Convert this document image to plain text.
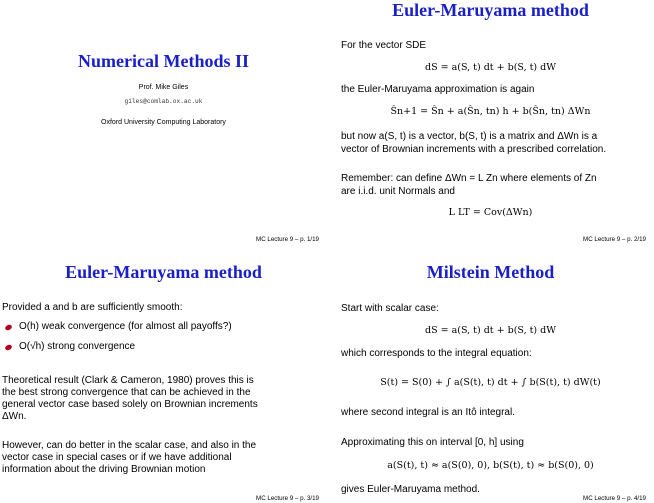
Numerical Methods II
Prof. Mike Giles
giles@comlab.ox.ac.uk
Oxford University Computing Laboratory
MC Lecture 9 – p. 1/19
Euler-Maruyama method
For the vector SDE
dS = a(S, t) dt + b(S, t) dW
the Euler-Maruyama approximation is again
Ŝn+1 = Ŝn + a(Ŝn, tn) h + b(Ŝn, tn) ΔWn
but now a(S, t) is a vector, b(S, t) is a matrix and ΔWn is a
vector of Brownian increments with a prescribed correlation.
Remember: can define ΔWn = L Zn where elements of Zn
are i.i.d. unit Normals and
L LT = Cov(ΔWn)
MC Lecture 9 – p. 2/19
Euler-Maruyama method
Provided a and b are sufficiently smooth:
O(h) weak convergence (for almost all payoffs?)
O(√h) strong convergence
Theoretical result (Clark & Cameron, 1980) proves this is
the best strong convergence that can be achieved in the
general vector case based solely on Brownian increments
ΔWn.
However, can do better in the scalar case, and also in the
vector case in special cases or if we have additional
information about the driving Brownian motion
MC Lecture 9 – p. 3/19
Milstein Method
Start with scalar case:
dS = a(S, t) dt + b(S, t) dW
which corresponds to the integral equation:
S(t) = S(0) + ∫ a(S(t), t) dt + ∫ b(S(t), t) dW(t)
where second integral is an Itô integral.
Approximating this on interval [0, h] using
a(S(t), t) ≈ a(S(0), 0), b(S(t), t) ≈ b(S(0), 0)
gives Euler-Maruyama method.
MC Lecture 9 – p. 4/19
